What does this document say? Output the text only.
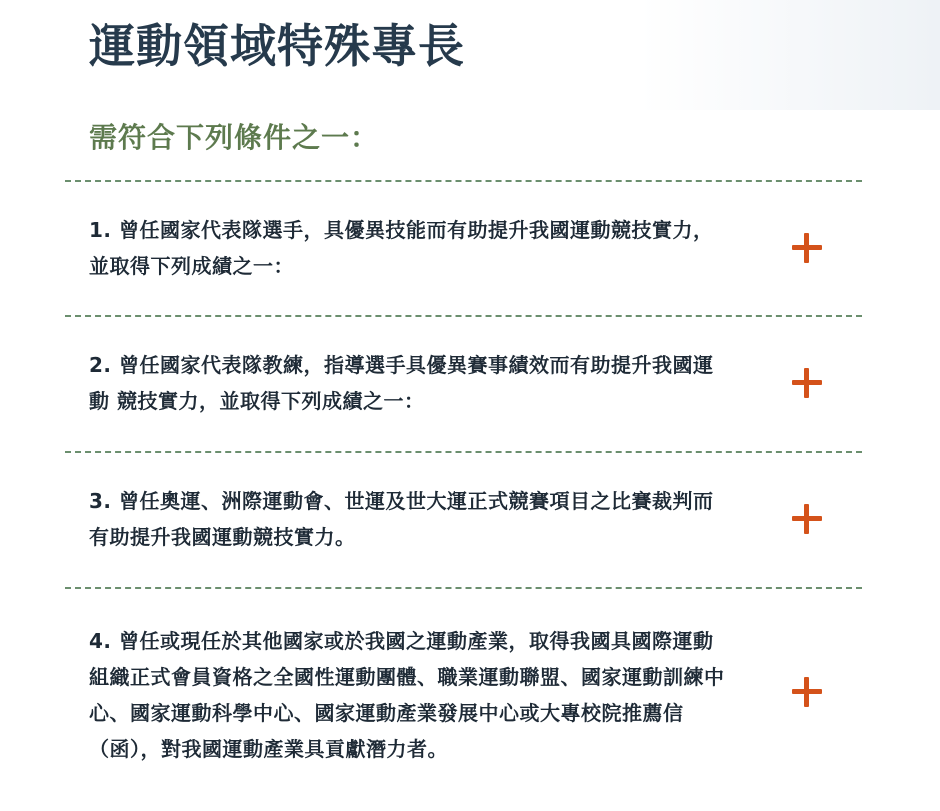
運動領域特殊專長
需符合下列條件之一：
1. 曾任國家代表隊選手，具優異技能而有助提升我國運動競技實力，並取得下列成績之一：
2. 曾任國家代表隊教練，指導選手具優異賽事績效而有助提升我國運動 競技實力，並取得下列成績之一：
3. 曾任奧運、洲際運動會、世運及世大運正式競賽項目之比賽裁判而有助提升我國運動競技實力。
4. 曾任或現任於其他國家或於我國之運動產業，取得我國具國際運動組織正式會員資格之全國性運動團體、職業運動聯盟、國家運動訓練中心、國家運動科學中心、國家運動產業發展中心或大專校院推薦信（函），對我國運動產業具貢獻潛力者。
